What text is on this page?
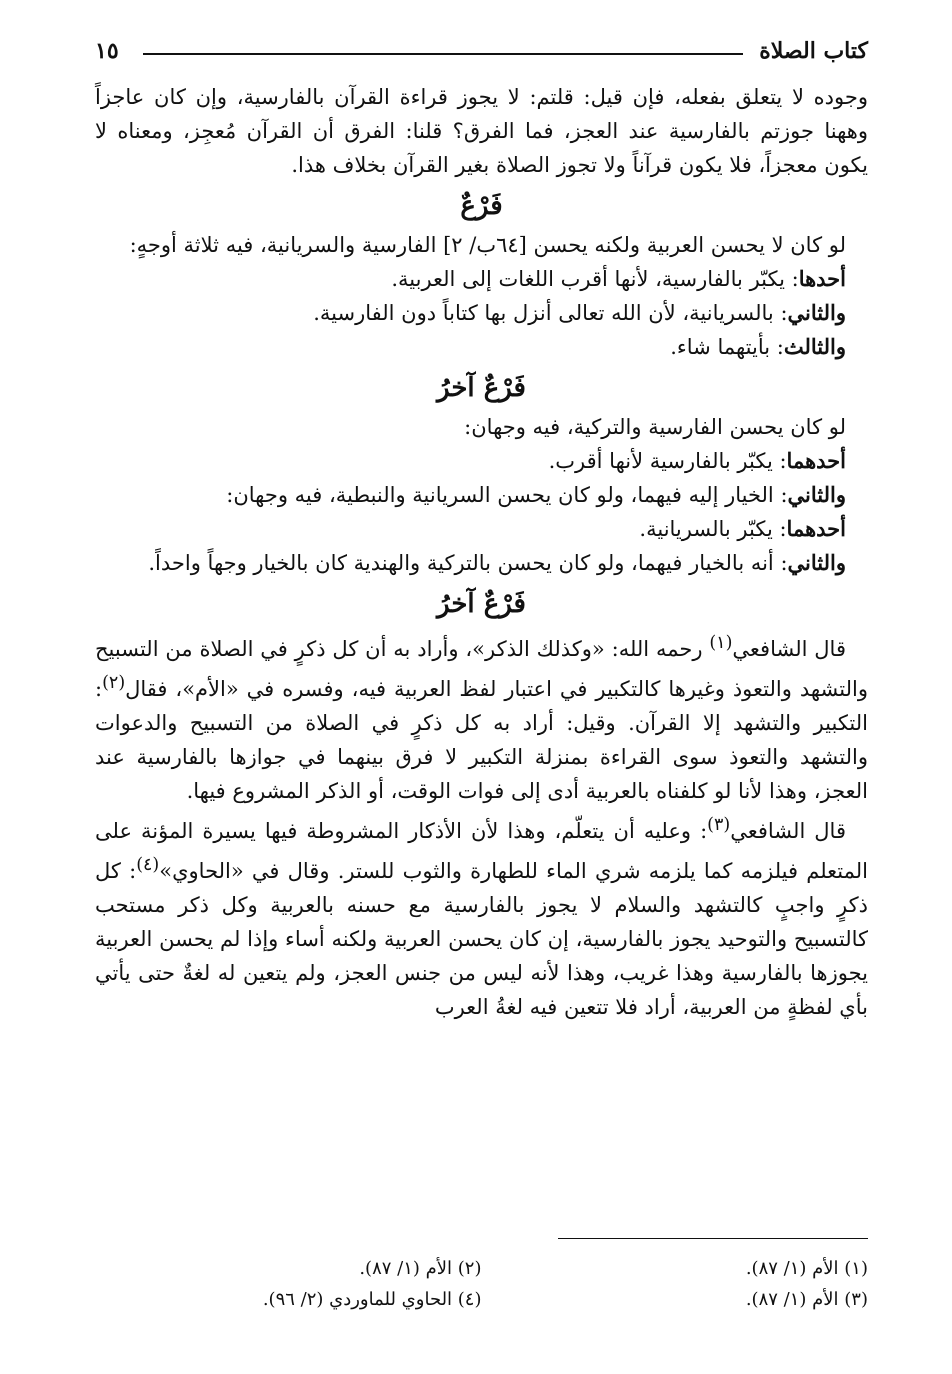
كتاب الصلاة
١٥

وجوده لا يتعلق بفعله، فإن قيل: قلتم: لا يجوز قراءة القرآن بالفارسية، وإن كان عاجزاً وههنا جوزتم بالفارسية عند العجز، فما الفرق؟ قلنا: الفرق أن القرآن مُعجِز، ومعناه لا يكون معجزاً، فلا يكون قرآناً ولا تجوز الصلاة بغير القرآن بخلاف هذا.

فَرْعٌ

لو كان لا يحسن العربية ولكنه يحسن [٦٤ب/ ٢] الفارسية والسريانية، فيه ثلاثة أوجهٍ:

أحدها: يكبّر بالفارسية، لأنها أقرب اللغات إلى العربية.

والثاني: بالسريانية، لأن الله تعالى أنزل بها كتاباً دون الفارسية.

والثالث: بأيتهما شاء.

فَرْعٌ آخرُ

لو كان يحسن الفارسية والتركية، فيه وجهان:

أحدهما: يكبّر بالفارسية لأنها أقرب.

والثاني: الخيار إليه فيهما، ولو كان يحسن السريانية والنبطية، فيه وجهان:

أحدهما: يكبّر بالسريانية.

والثاني: أنه بالخيار فيهما، ولو كان يحسن بالتركية والهندية كان بالخيار وجهاً واحداً.

فَرْعٌ آخرُ

قال الشافعي$^{(١)}$ رحمه الله: «وكذلك الذكر»، وأراد به أن كل ذكرٍ في الصلاة من التسبيح والتشهد والتعوذ وغيرها كالتكبير في اعتبار لفظ العربية فيه، وفسره في «الأم»، فقال$^{(٢)}$: التكبير والتشهد إلا القرآن. وقيل: أراد به كل ذكرٍ في الصلاة من التسبيح والدعوات والتشهد والتعوذ سوى القراءة بمنزلة التكبير لا فرق بينهما في جوازها بالفارسية عند العجز، وهذا لأنا لو كلفناه بالعربية أدى إلى فوات الوقت، أو الذكر المشروع فيها.

قال الشافعي$^{(٣)}$: وعليه أن يتعلّم، وهذا لأن الأذكار المشروطة فيها يسيرة المؤنة على المتعلم فيلزمه كما يلزمه شري الماء للطهارة والثوب للستر. وقال في «الحاوي»$^{(٤)}$: كل ذكرٍ واجبٍ كالتشهد والسلام لا يجوز بالفارسية مع حسنه بالعربية وكل ذكر مستحب كالتسبيح والتوحيد يجوز بالفارسية، إن كان يحسن العربية ولكنه أساء وإذا لم يحسن العربية يجوزها بالفارسية وهذا غريب، وهذا لأنه ليس من جنس العجز، ولم يتعين له لغةٌ حتى يأتي بأي لفظةٍ من العربية، أراد فلا تتعين فيه لغةُ العرب

(١) الأم (١/ ٨٧).
(٢) الأم (١/ ٨٧).
(٣) الأم (١/ ٨٧).
(٤) الحاوي للماوردي (٢/ ٩٦).
